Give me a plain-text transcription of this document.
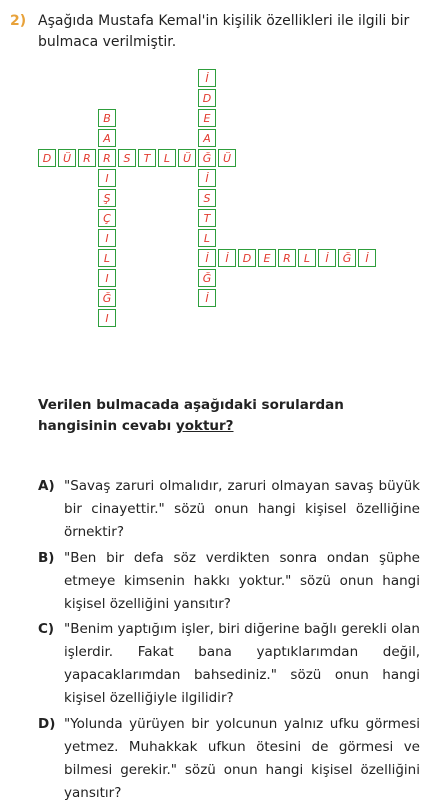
2) Aşağıda Mustafa Kemal'in kişilik özellikleri ile ilgili bir bulmaca verilmiştir.
B
A
R
I
Ş
Ç
I
L
I
Ğ
I
D	Ü	R	S	T	L	Ü	Ğ	Ü
İ
D
E
A
İ
S
T
L
İ
Ğ
İ
İ	D	E	R	L	İ	Ğ	İ
Verilen bulmacada aşağıdaki sorulardan hangisinin cevabı yoktur?
A) "Savaş zaruri olmalıdır, zaruri olmayan savaş büyük bir cinayettir." sözü onun hangi kişisel özelliğine örnektir?
B) "Ben bir defa söz verdikten sonra ondan şüphe etmeye kimsenin hakkı yoktur." sözü onun hangi kişisel özelliğini yansıtır?
C) "Benim yaptığım işler, biri diğerine bağlı gerekli olan işlerdir. Fakat bana yaptıklarımdan değil, yapacaklarımdan bahsediniz." sözü onun hangi kişisel özelliğiyle ilgilidir?
D) "Yolunda yürüyen bir yolcunun yalnız ufku görmesi yetmez. Muhakkak ufkun ötesini de görmesi ve bilmesi gerekir." sözü onun hangi kişisel özelliğini yansıtır?
